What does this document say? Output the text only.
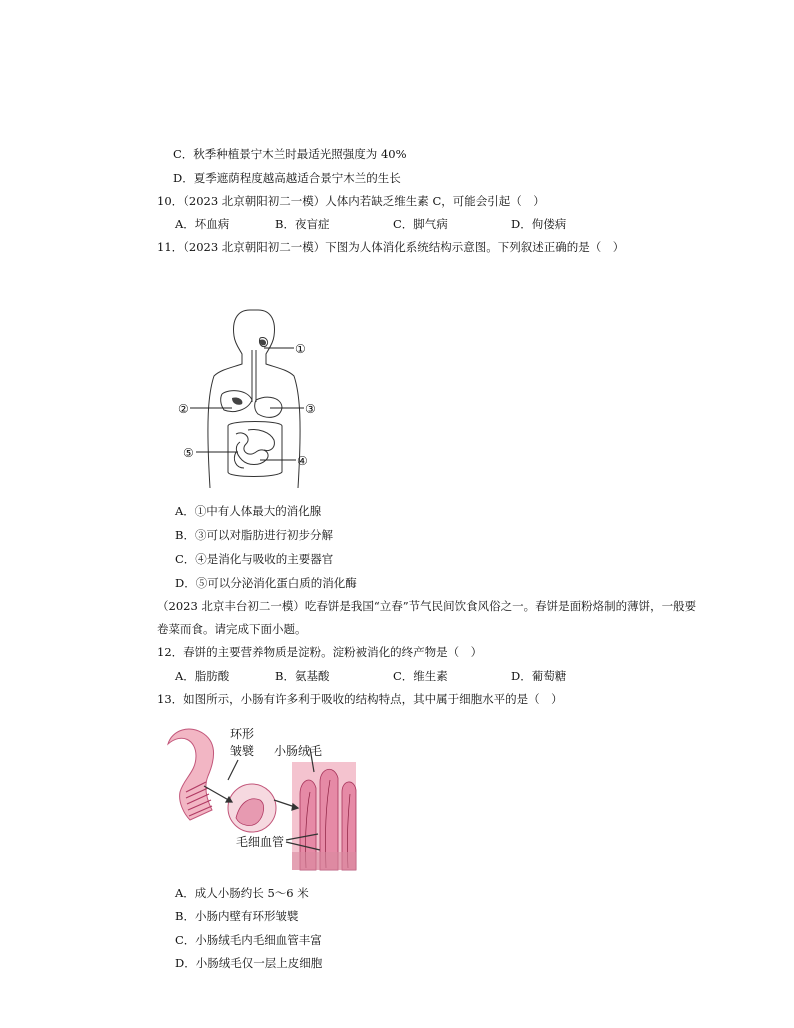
C．秋季种植景宁木兰时最适光照强度为 40%
D．夏季遮荫程度越高越适合景宁木兰的生长
10．（2023 北京朝阳初二一模）人体内若缺乏维生素 C，可能会引起（　）
A．坏血病	B．夜盲症	C．脚气病	D．佝偻病
11．（2023 北京朝阳初二一模）下图为人体消化系统结构示意图。下列叙述正确的是（　）
①
②	③
④
⑤
A．①中有人体最大的消化腺
B．③可以对脂肪进行初步分解
C．④是消化与吸收的主要器官
D．⑤可以分泌消化蛋白质的消化酶
（2023 北京丰台初二一模）吃春饼是我国“立春”节气民间饮食风俗之一。春饼是面粉烙制的薄饼，一般要
卷菜而食。请完成下面小题。
12．春饼的主要营养物质是淀粉。淀粉被消化的终产物是（　）
A．脂肪酸	B．氨基酸	C．维生素	D．葡萄糖
13．如图所示，小肠有许多利于吸收的结构特点，其中属于细胞水平的是（　）
环形
皱襞 小肠绒毛
毛细血管
A．成人小肠约长 5～6 米
B．小肠内壁有环形皱襞
C．小肠绒毛内毛细血管丰富
D．小肠绒毛仅一层上皮细胞
